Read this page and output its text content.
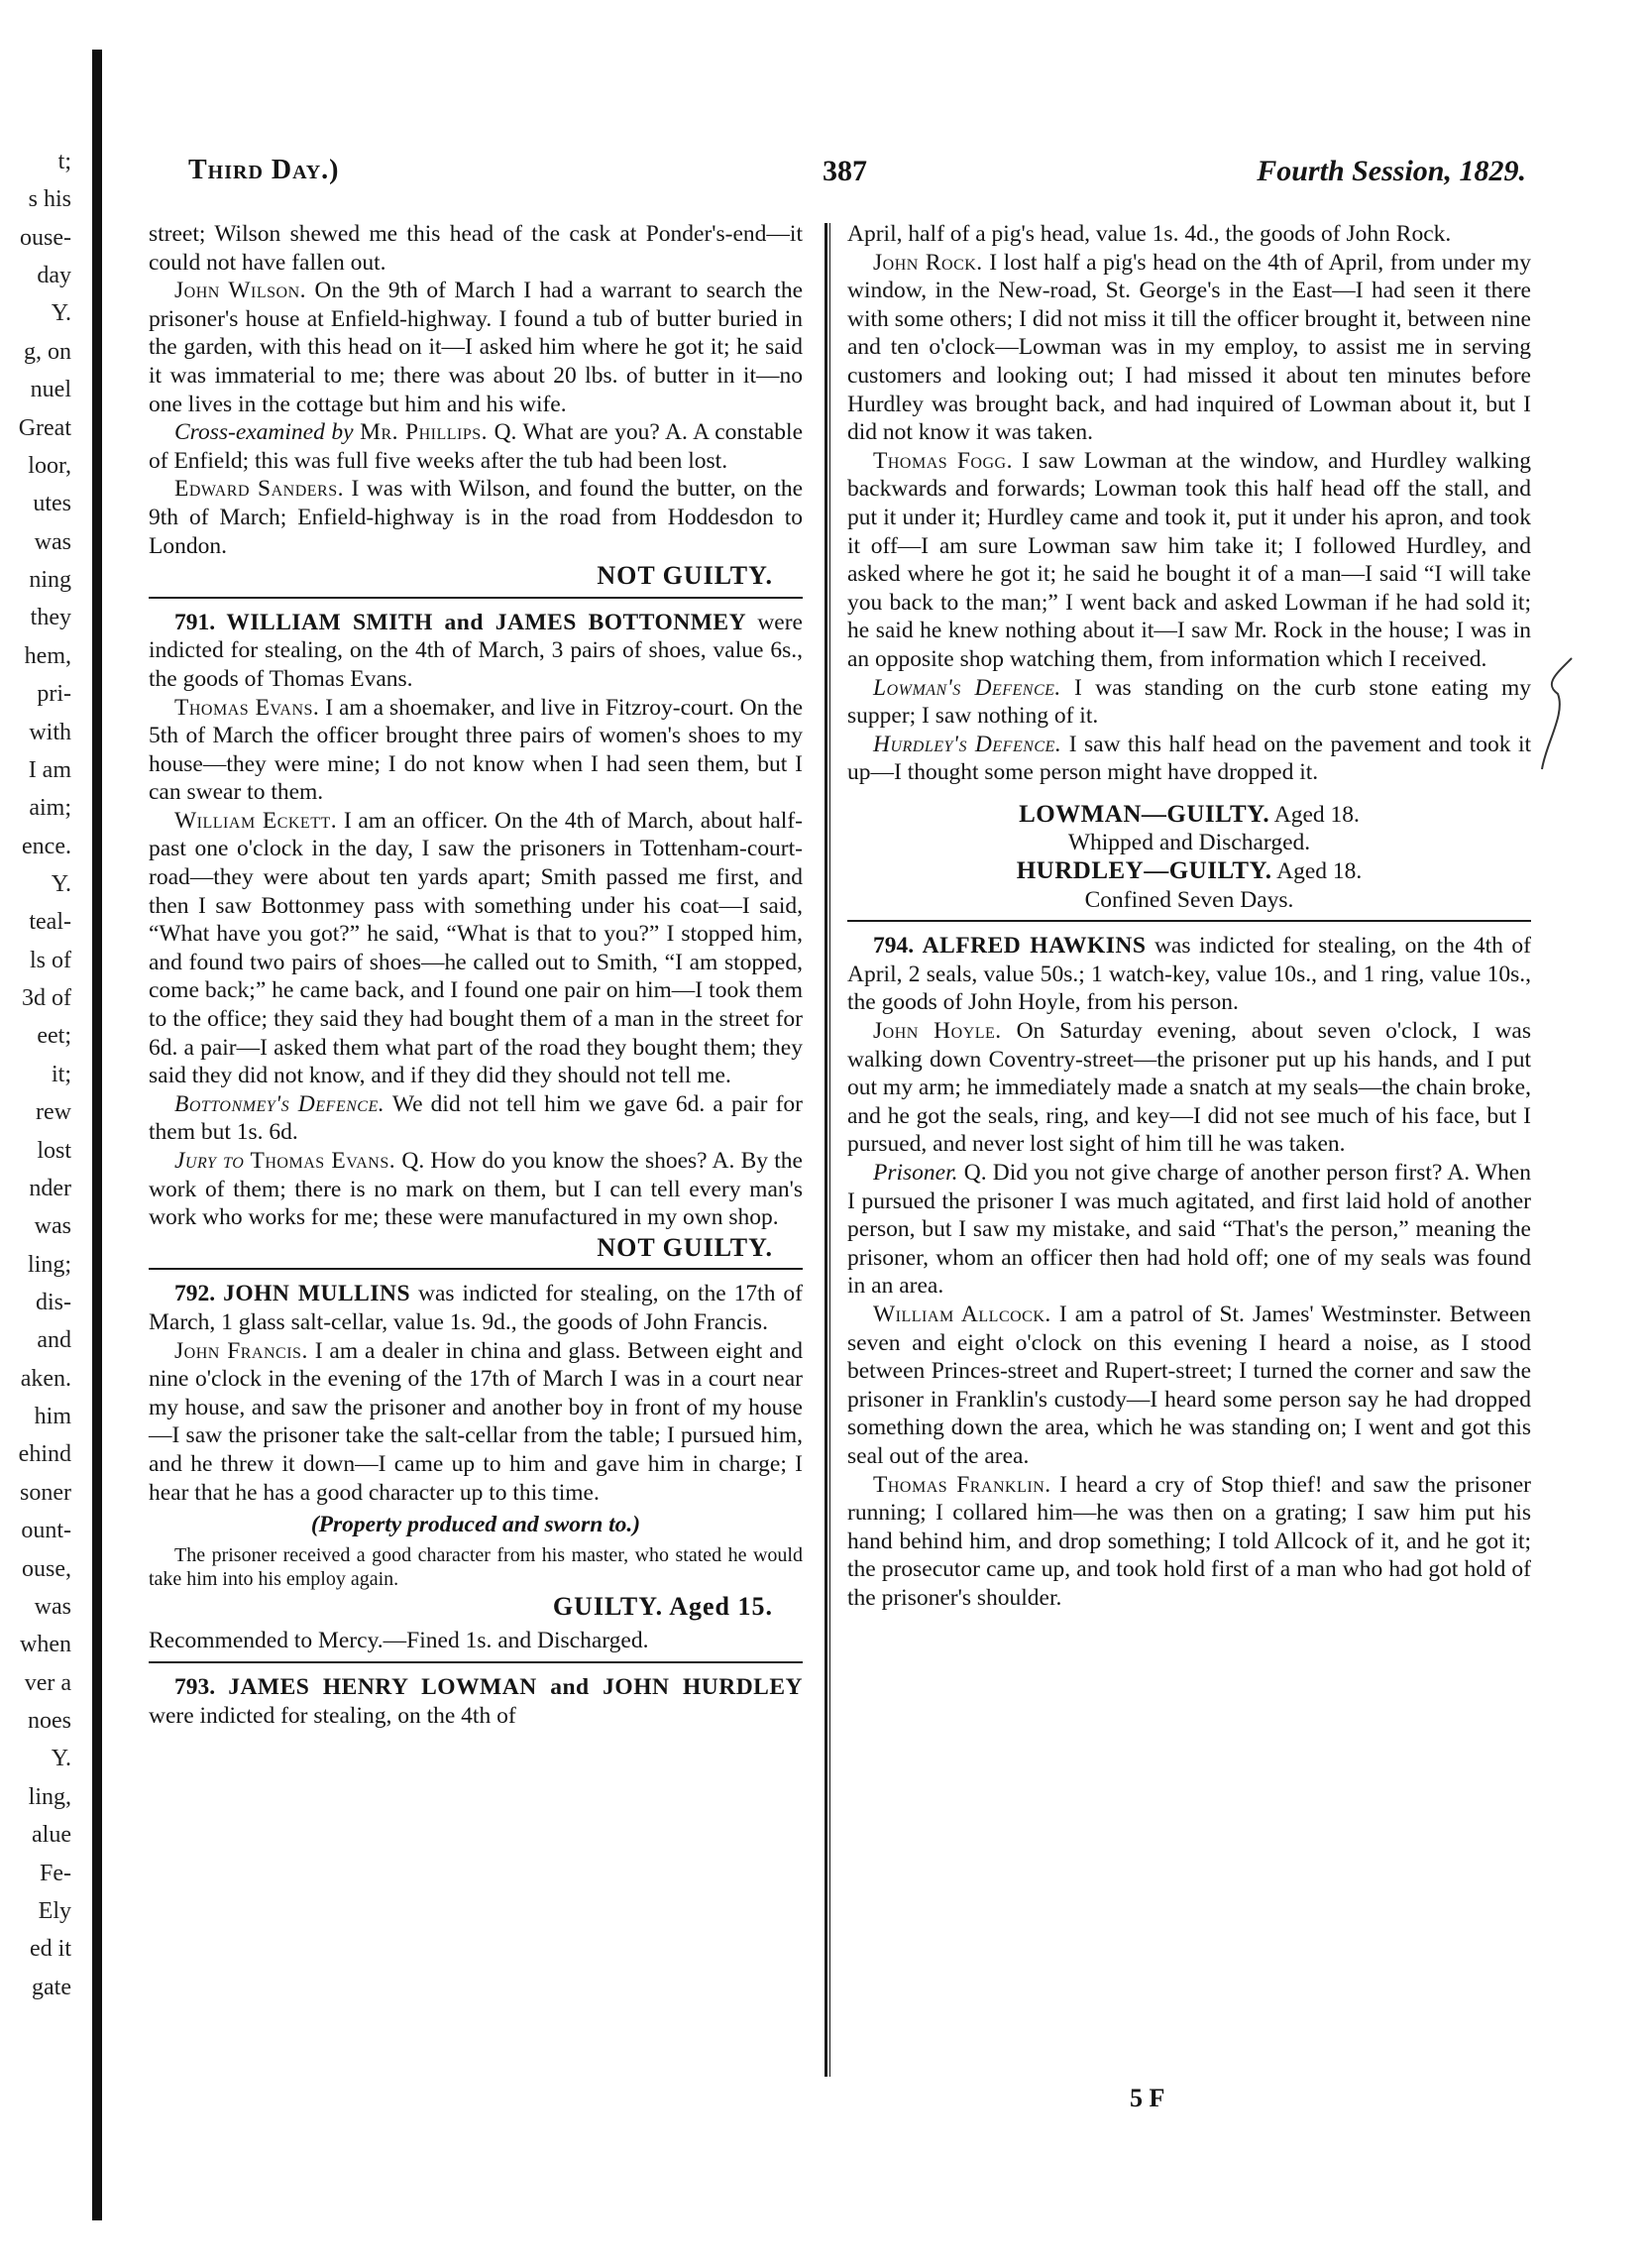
t;
s his
ouse-
day
Y.
g, on
nuel
Great
loor,
utes
was
ning
they
hem,
pri-
with
I am
aim;
ence.
Y.
teal-
ls of
3d of
eet;
it;
rew
lost
nder
was
ling;
dis-
and
aken.
him
ehind
soner
ount-
ouse,
was
when
ver a
noes
Y.
ling,
alue
Fe-
Ely
ed it
gate
Third Day.)	387	Fourth Session, 1829.

street; Wilson shewed me this head of the cask at Ponder's-end—it could not have fallen out.

John Wilson. On the 9th of March I had a warrant to search the prisoner's house at Enfield-highway. I found a tub of butter buried in the garden, with this head on it—I asked him where he got it; he said it was immaterial to me; there was about 20 lbs. of butter in it—no one lives in the cottage but him and his wife.

Cross-examined by Mr. Phillips. Q. What are you? A. A constable of Enfield; this was full five weeks after the tub had been lost.

Edward Sanders. I was with Wilson, and found the butter, on the 9th of March; Enfield-highway is in the road from Hoddesdon to London.

NOT GUILTY.

791. WILLIAM SMITH and JAMES BOTTONMEY were indicted for stealing, on the 4th of March, 3 pairs of shoes, value 6s., the goods of Thomas Evans.

Thomas Evans. I am a shoemaker, and live in Fitzroy-court. On the 5th of March the officer brought three pairs of women's shoes to my house—they were mine; I do not know when I had seen them, but I can swear to them.

William Eckett. I am an officer. On the 4th of March, about half-past one o'clock in the day, I saw the prisoners in Tottenham-court-road—they were about ten yards apart; Smith passed me first, and then I saw Bottonmey pass with something under his coat—I said, “What have you got?” he said, “What is that to you?” I stopped him, and found two pairs of shoes—he called out to Smith, “I am stopped, come back;” he came back, and I found one pair on him—I took them to the office; they said they had bought them of a man in the street for 6d. a pair—I asked them what part of the road they bought them; they said they did not know, and if they did they should not tell me.

Bottonmey's Defence. We did not tell him we gave 6d. a pair for them but 1s. 6d.

Jury to Thomas Evans. Q. How do you know the shoes? A. By the work of them; there is no mark on them, but I can tell every man's work who works for me; these were manufactured in my own shop.

NOT GUILTY.

792. JOHN MULLINS was indicted for stealing, on the 17th of March, 1 glass salt-cellar, value 1s. 9d., the goods of John Francis.

John Francis. I am a dealer in china and glass. Between eight and nine o'clock in the evening of the 17th of March I was in a court near my house, and saw the prisoner and another boy in front of my house—I saw the prisoner take the salt-cellar from the table; I pursued him, and he threw it down—I came up to him and gave him in charge; I hear that he has a good character up to this time.

(Property produced and sworn to.)

The prisoner received a good character from his master, who stated he would take him into his employ again.

GUILTY. Aged 15.

Recommended to Mercy.—Fined 1s. and Discharged.

793. JAMES HENRY LOWMAN and JOHN HURDLEY were indicted for stealing, on the 4th of

April, half of a pig's head, value 1s. 4d., the goods of John Rock.

John Rock. I lost half a pig's head on the 4th of April, from under my window, in the New-road, St. George's in the East—I had seen it there with some others; I did not miss it till the officer brought it, between nine and ten o'clock—Lowman was in my employ, to assist me in serving customers and looking out; I had missed it about ten minutes before Hurdley was brought back, and had inquired of Lowman about it, but I did not know it was taken.

Thomas Fogg. I saw Lowman at the window, and Hurdley walking backwards and forwards; Lowman took this half head off the stall, and put it under it; Hurdley came and took it, put it under his apron, and took it off—I am sure Lowman saw him take it; I followed Hurdley, and asked where he got it; he said he bought it of a man—I said “I will take you back to the man;” I went back and asked Lowman if he had sold it; he said he knew nothing about it—I saw Mr. Rock in the house; I was in an opposite shop watching them, from information which I received.

Lowman's Defence. I was standing on the curb stone eating my supper; I saw nothing of it.

Hurdley's Defence. I saw this half head on the pavement and took it up—I thought some person might have dropped it.

LOWMAN—GUILTY. Aged 18.

Whipped and Discharged.

HURDLEY—GUILTY. Aged 18.

Confined Seven Days.

794. ALFRED HAWKINS was indicted for stealing, on the 4th of April, 2 seals, value 50s.; 1 watch-key, value 10s., and 1 ring, value 10s., the goods of John Hoyle, from his person.

John Hoyle. On Saturday evening, about seven o'clock, I was walking down Coventry-street—the prisoner put up his hands, and I put out my arm; he immediately made a snatch at my seals—the chain broke, and he got the seals, ring, and key—I did not see much of his face, but I pursued, and never lost sight of him till he was taken.

Prisoner. Q. Did you not give charge of another person first? A. When I pursued the prisoner I was much agitated, and first laid hold of another person, but I saw my mistake, and said “That's the person,” meaning the prisoner, whom an officer then had hold off; one of my seals was found in an area.

William Allcock. I am a patrol of St. James' Westminster. Between seven and eight o'clock on this evening I heard a noise, as I stood between Princes-street and Rupert-street; I turned the corner and saw the prisoner in Franklin's custody—I heard some person say he had dropped something down the area, which he was standing on; I went and got this seal out of the area.

Thomas Franklin. I heard a cry of Stop thief! and saw the prisoner running; I collared him—he was then on a grating; I saw him put his hand behind him, and drop something; I told Allcock of it, and he got it; the prosecutor came up, and took hold first of a man who had got hold of the prisoner's shoulder.

5 F
